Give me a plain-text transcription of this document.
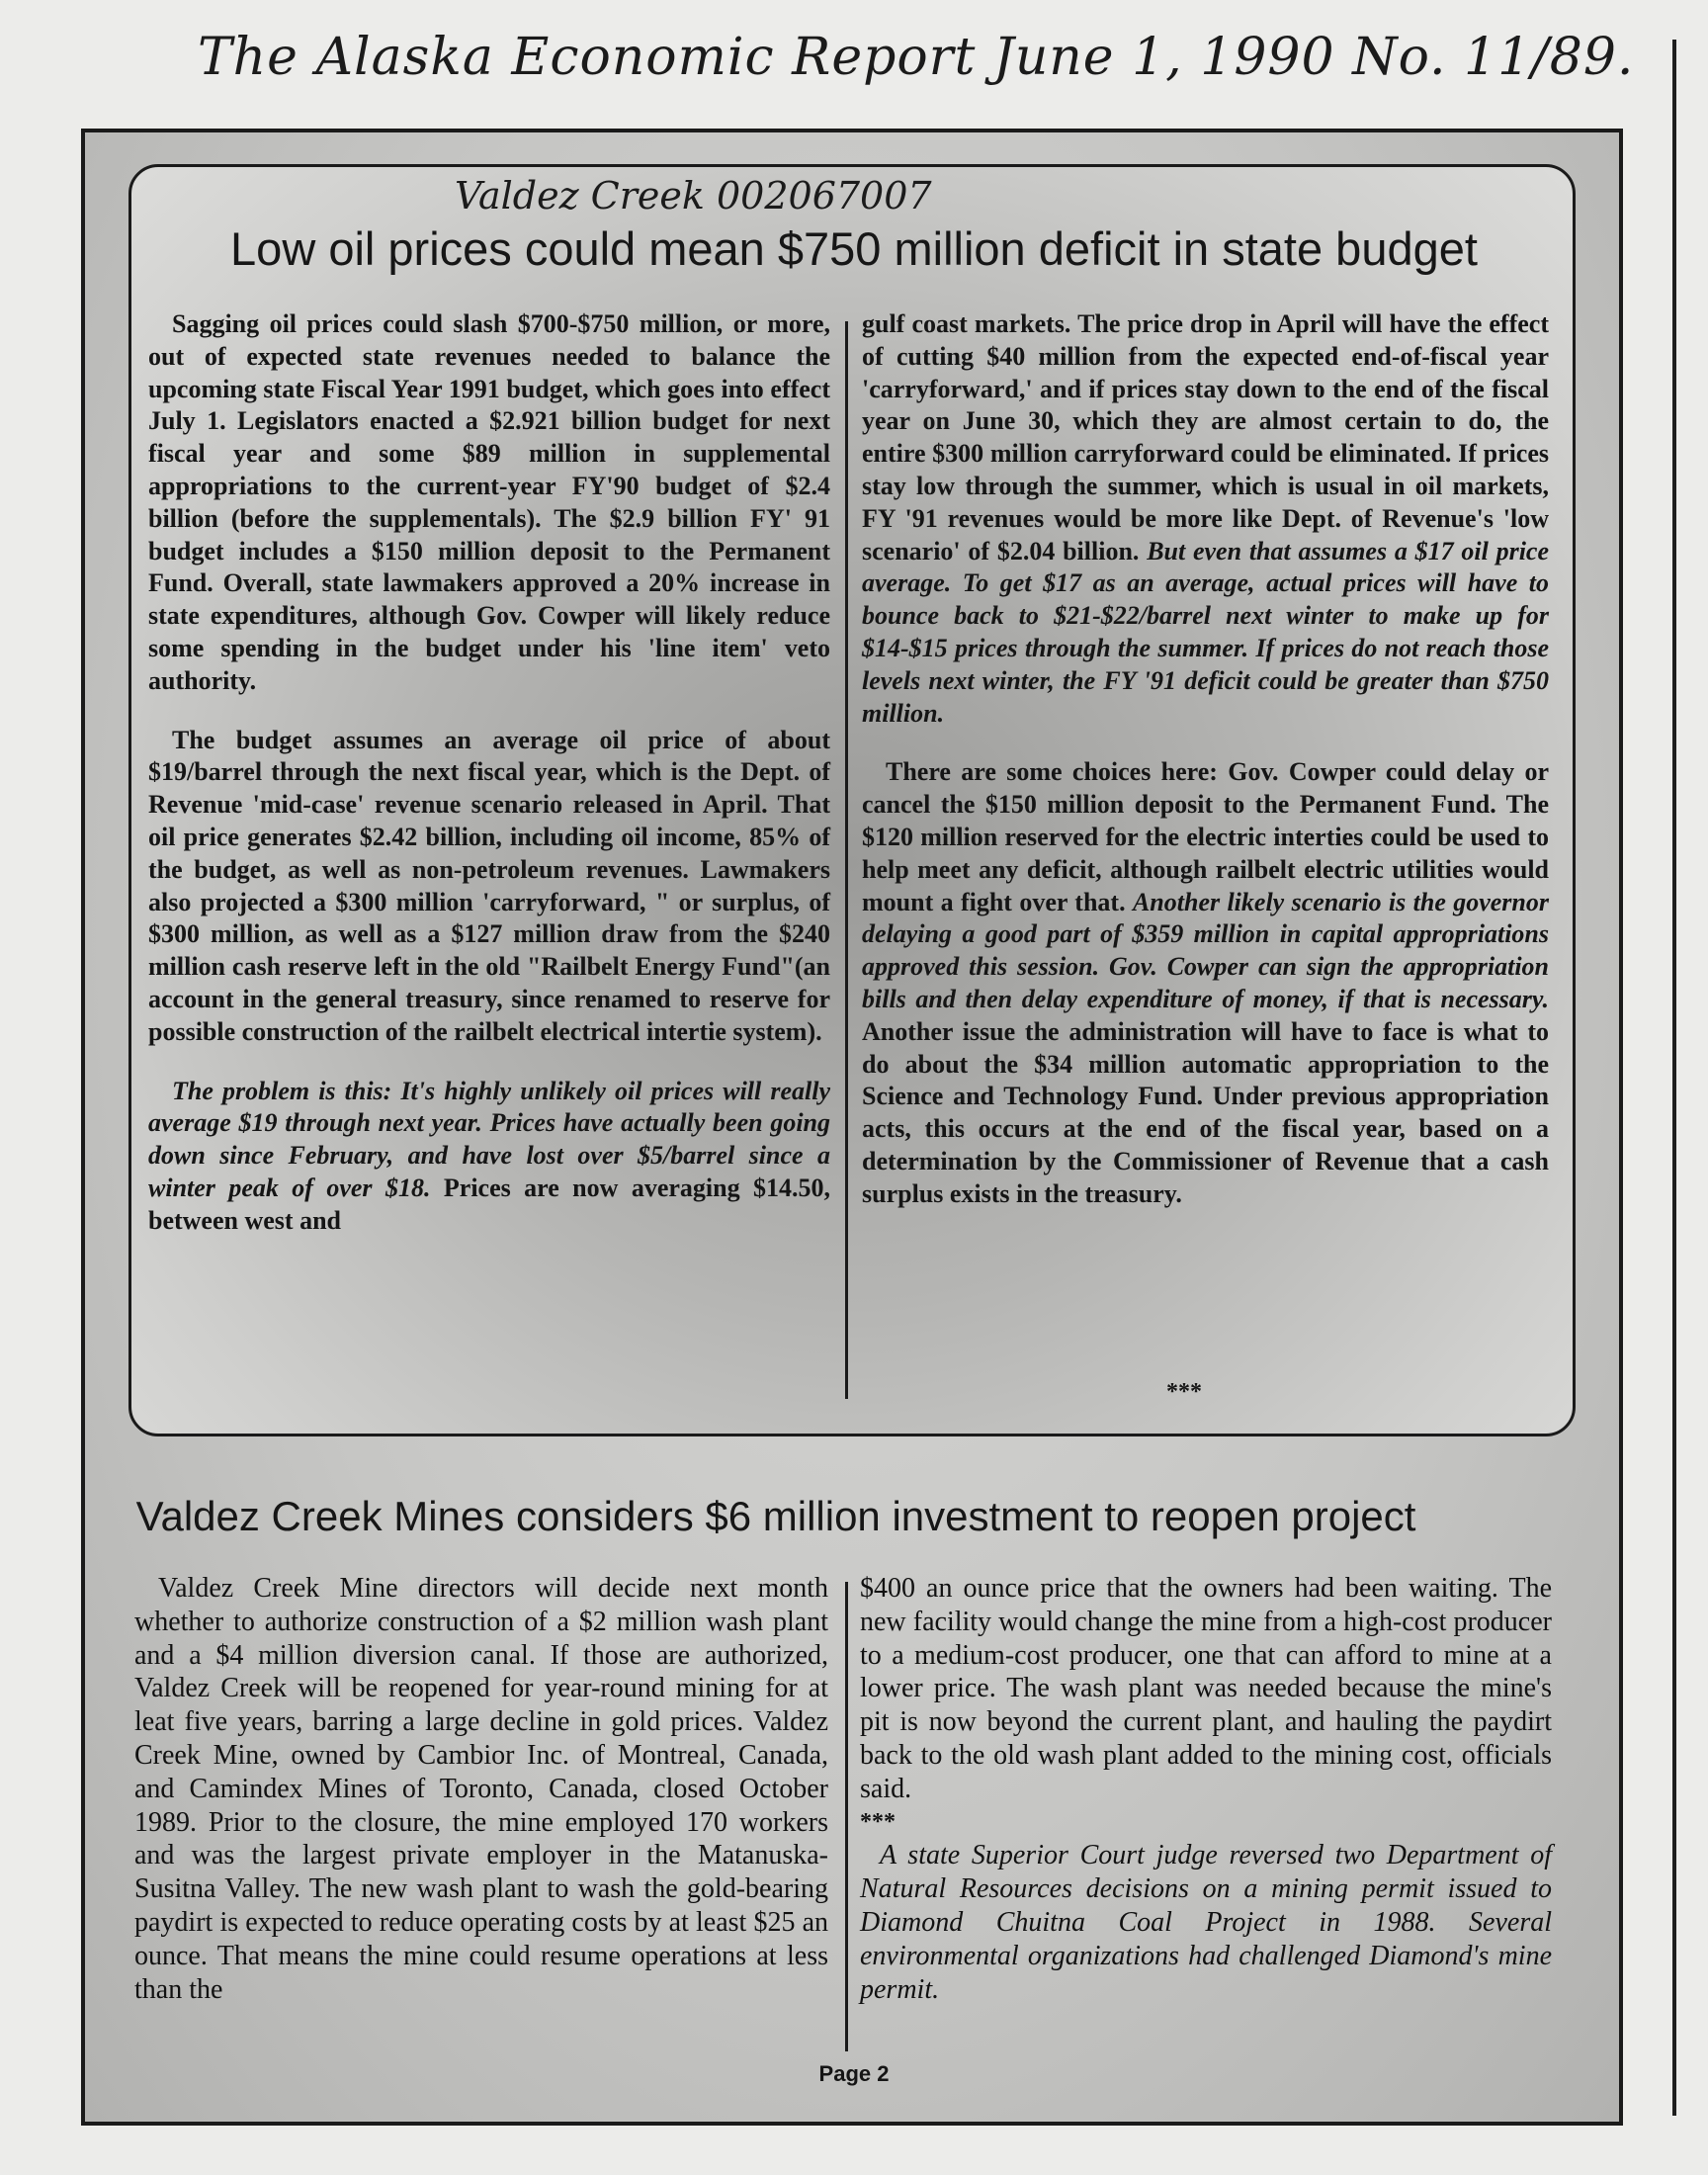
The Alaska Economic Report June 1, 1990 No. 11/89.
Valdez Creek 002067007
Low oil prices could mean $750 million deficit in state budget

Sagging oil prices could slash $700-$750 million, or more, out of expected state revenues needed to balance the upcoming state Fiscal Year 1991 budget, which goes into effect July 1. Legislators enacted a $2.921 billion budget for next fiscal year and some $89 million in supplemental appropriations to the current-year FY'90 budget of $2.4 billion (before the supplementals). The $2.9 billion FY' 91 budget includes a $150 million deposit to the Permanent Fund. Overall, state lawmakers approved a 20% increase in state expenditures, although Gov. Cowper will likely reduce some spending in the budget under his 'line item' veto authority.

The budget assumes an average oil price of about $19/barrel through the next fiscal year, which is the Dept. of Revenue 'mid-case' revenue scenario released in April. That oil price generates $2.42 billion, including oil income, 85% of the budget, as well as non-petroleum revenues. Lawmakers also projected a $300 million 'carryforward, " or surplus, of $300 million, as well as a $127 million draw from the $240 million cash reserve left in the old "Railbelt Energy Fund"(an account in the general treasury, since renamed to reserve for possible construction of the railbelt electrical intertie system).

The problem is this: It's highly unlikely oil prices will really average $19 through next year. Prices have actually been going down since February, and have lost over $5/barrel since a winter peak of over $18. Prices are now averaging $14.50, between west and

gulf coast markets. The price drop in April will have the effect of cutting $40 million from the expected end-of-fiscal year 'carryforward,' and if prices stay down to the end of the fiscal year on June 30, which they are almost certain to do, the entire $300 million carryforward could be eliminated. If prices stay low through the summer, which is usual in oil markets, FY '91 revenues would be more like Dept. of Revenue's 'low scenario' of $2.04 billion. But even that assumes a $17 oil price average. To get $17 as an average, actual prices will have to bounce back to $21-$22/barrel next winter to make up for $14-$15 prices through the summer. If prices do not reach those levels next winter, the FY '91 deficit could be greater than $750 million.

There are some choices here: Gov. Cowper could delay or cancel the $150 million deposit to the Permanent Fund. The $120 million reserved for the electric interties could be used to help meet any deficit, although railbelt electric utilities would mount a fight over that. Another likely scenario is the governor delaying a good part of $359 million in capital appropriations approved this session. Gov. Cowper can sign the appropriation bills and then delay expenditure of money, if that is necessary. Another issue the administration will have to face is what to do about the $34 million automatic appropriation to the Science and Technology Fund. Under previous appropriation acts, this occurs at the end of the fiscal year, based on a determination by the Commissioner of Revenue that a cash surplus exists in the treasury.

***
Valdez Creek Mines considers $6 million investment to reopen project

Valdez Creek Mine directors will decide next month whether to authorize construction of a $2 million wash plant and a $4 million diversion canal. If those are authorized, Valdez Creek will be reopened for year-round mining for at leat five years, barring a large decline in gold prices. Valdez Creek Mine, owned by Cambior Inc. of Montreal, Canada, and Camindex Mines of Toronto, Canada, closed October 1989. Prior to the closure, the mine employed 170 workers and was the largest private employer in the Matanuska-Susitna Valley. The new wash plant to wash the gold-bearing paydirt is expected to reduce operating costs by at least $25 an ounce. That means the mine could resume operations at less than the

$400 an ounce price that the owners had been waiting. The new facility would change the mine from a high-cost producer to a medium-cost producer, one that can afford to mine at a lower price. The wash plant was needed because the mine's pit is now beyond the current plant, and hauling the paydirt back to the old wash plant added to the mining cost, officials said.

***

A state Superior Court judge reversed two Department of Natural Resources decisions on a mining permit issued to Diamond Chuitna Coal Project in 1988. Several environmental organizations had challenged Diamond's mine permit.

Page 2
